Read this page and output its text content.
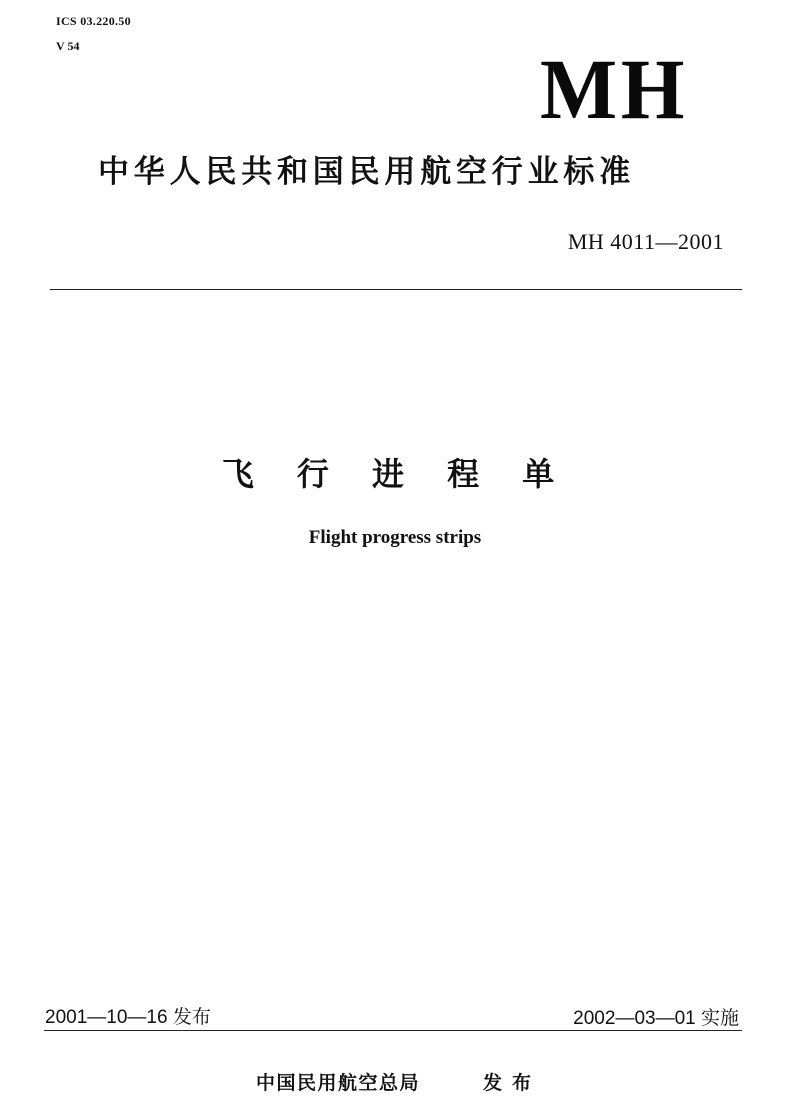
ICS 03.220.50
V 54	MH
中华人民共和国民用航空行业标准
MH 4011—2001
飞 行 进 程 单
Flight progress strips
2001—10—16 发布	2002—03—01 实施
中国民用航空总局	发布
